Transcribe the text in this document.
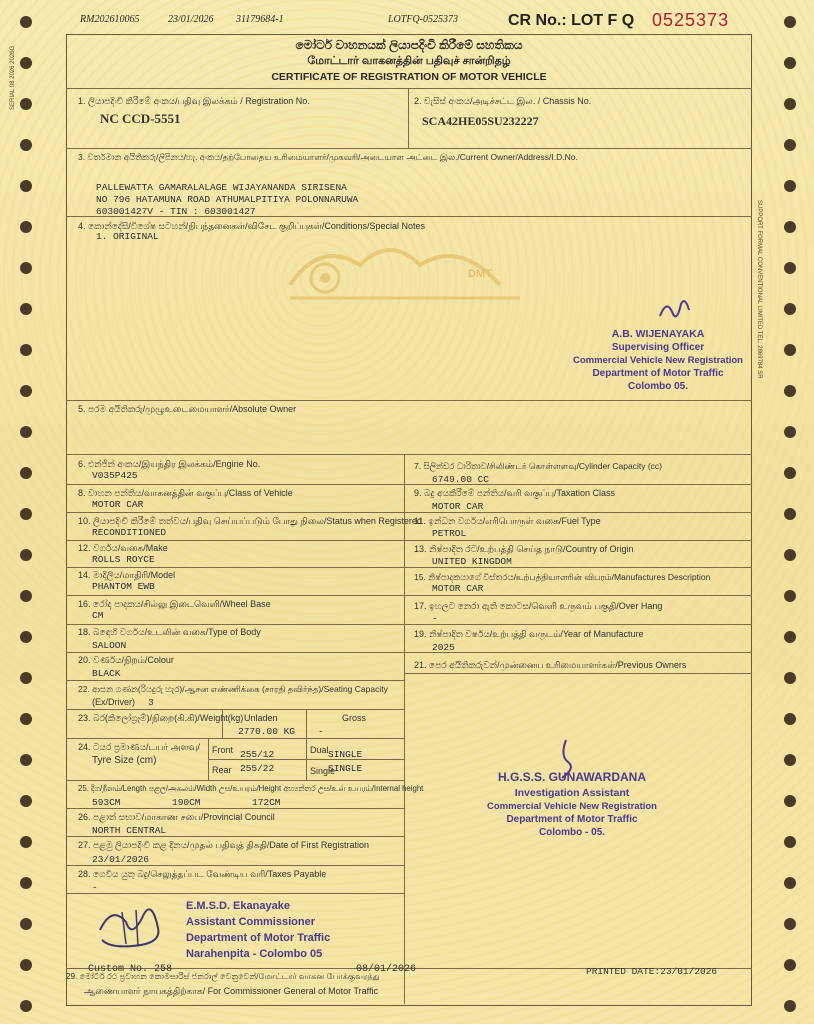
RM202610065	23/01/2026 31179684-1	LOTFQ-0525373	CR No.: LOT F Q 0525373
මෝටර් වාහනයක් ලියාපදිංචි කිරීමේ සහතිකය
மோட்டார் வாகனத்தின் பதிவுச் சான்றிதழ்
CERTIFICATE OF REGISTRATION OF MOTOR VEHICLE
1. ලියාපදිංචි කිරීමේ අංකය/பதிவு இலக்கம் / Registration No.
NC CCD-5551
2. චැසිස් අංකය/அடிச்சட்ட இல. / Chassis No.
SCA42HE05SU232227
3. වර්තමාන අයිතිකරු/ලිපිනය/හැ. අංකය/தற்போதைய உரிமையாளர்/முகவரி/அடையாள அட்டை இல./Current Owner/Address/I.D.No.
PALLEWATTA GAMARALALAGE WIJAYANANDA SIRISENA
NO 796 HATAMUNA ROAD ATHUMALPITIYA POLONNARUWA
603001427V - TIN : 603001427
4. කොන්දේසි/විශේෂ සටහන්/நிபந்தனைகள்/விசேட குறிப்புகள்/Conditions/Special Notes
1. ORIGINAL
DMT
A.B. WIJENAYAKA
Supervising Officer
Commercial Vehicle New Registration
Department of Motor Traffic
Colombo 05.
5. පරම අයිතිකරු/முழுஉடைமையாளர்/Absolute Owner
6. එන්ජින් අංකය/இயந்திர இலக்கம்/Engine No.
V035P425
8. වාහන පන්තිය/வாகனத்தின் வகுப்பு/Class of Vehicle
MOTOR CAR
10. ලියාපදිංචි කිරීමේ තත්වය/பதிவு செய்யப்படும் போது நிலை/Status when Registered
RECONDITIONED
12. වර්ගය/வகை/Make
ROLLS ROYCE
14. මාදිලිය/மாதிரி/Model
PHANTOM EWB
16. රෝද පාදකය/சில்லு இடைவெளி/Wheel Base
CM
18. බඳෙහි වර්ගය/உடலின் வகை/Type of Body
SALOON
20. වර්ණය/நிறம்/Colour
BLACK
22. ආසන ගණන(රියදුරු හැර)/ஆசன எண்ணிக்கை (சாரதி தவிர்ந்த)/Seating Capacity
(Ex/Driver) 3
23. බර(කිලෝග්‍රෑම්)/நிறை(கி.கி)/Weight(kg) Unladen
2770.00 KG
Gross
-
24. ටයර ප්‍රමාණය/டயர் அளவு/
Tyre Size (cm)
Front 255/12
Rear 255/22
Dual SINGLE
Single
SINGLE
25. දිග/நீளம்/Length පළල/அகலம்/Width උස/உயரம்/Height අභ්‍යන්තර උස/உள் உயரம்/Internal height
593CM	190CM	172CM
26. පළාත් සභාව/மாகாண சபை/Provincial Council
NORTH CENTRAL
27. පළමු ලියාපදිංචි කළ දිනය/முதல் பதிவுத் திகதி/Date of First Registration
23/01/2026
28. ගෙවිය යුතු බදු/செலுத்தப்பட வேண்டிய வரி/Taxes Payable
-
7. සිලින්ඩර ධාරිතාව/சிலிண்டர் கொள்ளளவு/Cylinder Capacity (cc)
6749.00 CC
9. බදු අයකිරීමේ පන්තිය/வரி வகுப்பு/Taxation Class
MOTOR CAR
11. ඉන්ධන වර්ගය/எரிபொருள் வகை/Fuel Type
PETROL
13. නිෂ්පාදිත රට/உற்பத்தி செய்த நாடு/Country of Origin
UNITED KINGDOM
15. නිෂ්පාදකයාගේ විස්තරය/உற்பத்தியாளரின் விபரம்/Manufactures Description
MOTOR CAR
17. ඉහලට නෙරා ඇති කොටස/வெளி உருவம் பகுதி/Over Hang
-
19. නිෂ්පාදිත වර්ෂය/உற்பத்தி வருடம்/Year of Manufacture
2025
21. පෙර අයිතිකරුවන්/முன்னைய உரிமையாளர்கள்/Previous Owners
H.G.S.S. GUNAWARDANA
Investigation Assistant
Commercial Vehicle New Registration
Department of Motor Traffic
Colombo - 05.
E.M.S.D. Ekanayake
Assistant Commissioner
Department of Motor Traffic
Narahenpita - Colombo 05
Custom No. 258	08/01/2026
29. මෝටර් රථ ප්‍රවාහන කොමසාරිස් ජනරාල් වෙනුවෙන්/மோட்டார் வாகன போக்குவரத்து
ஆணையாளர் நாயகத்திற்காக/ For Commissioner General of Motor Traffic
PRINTED DATE:23/01/2026
SUPPORT FORMAL CONVENTIONAL LIMITED TEL: 2869784 SR
SERIAL 08 2026 2026G
